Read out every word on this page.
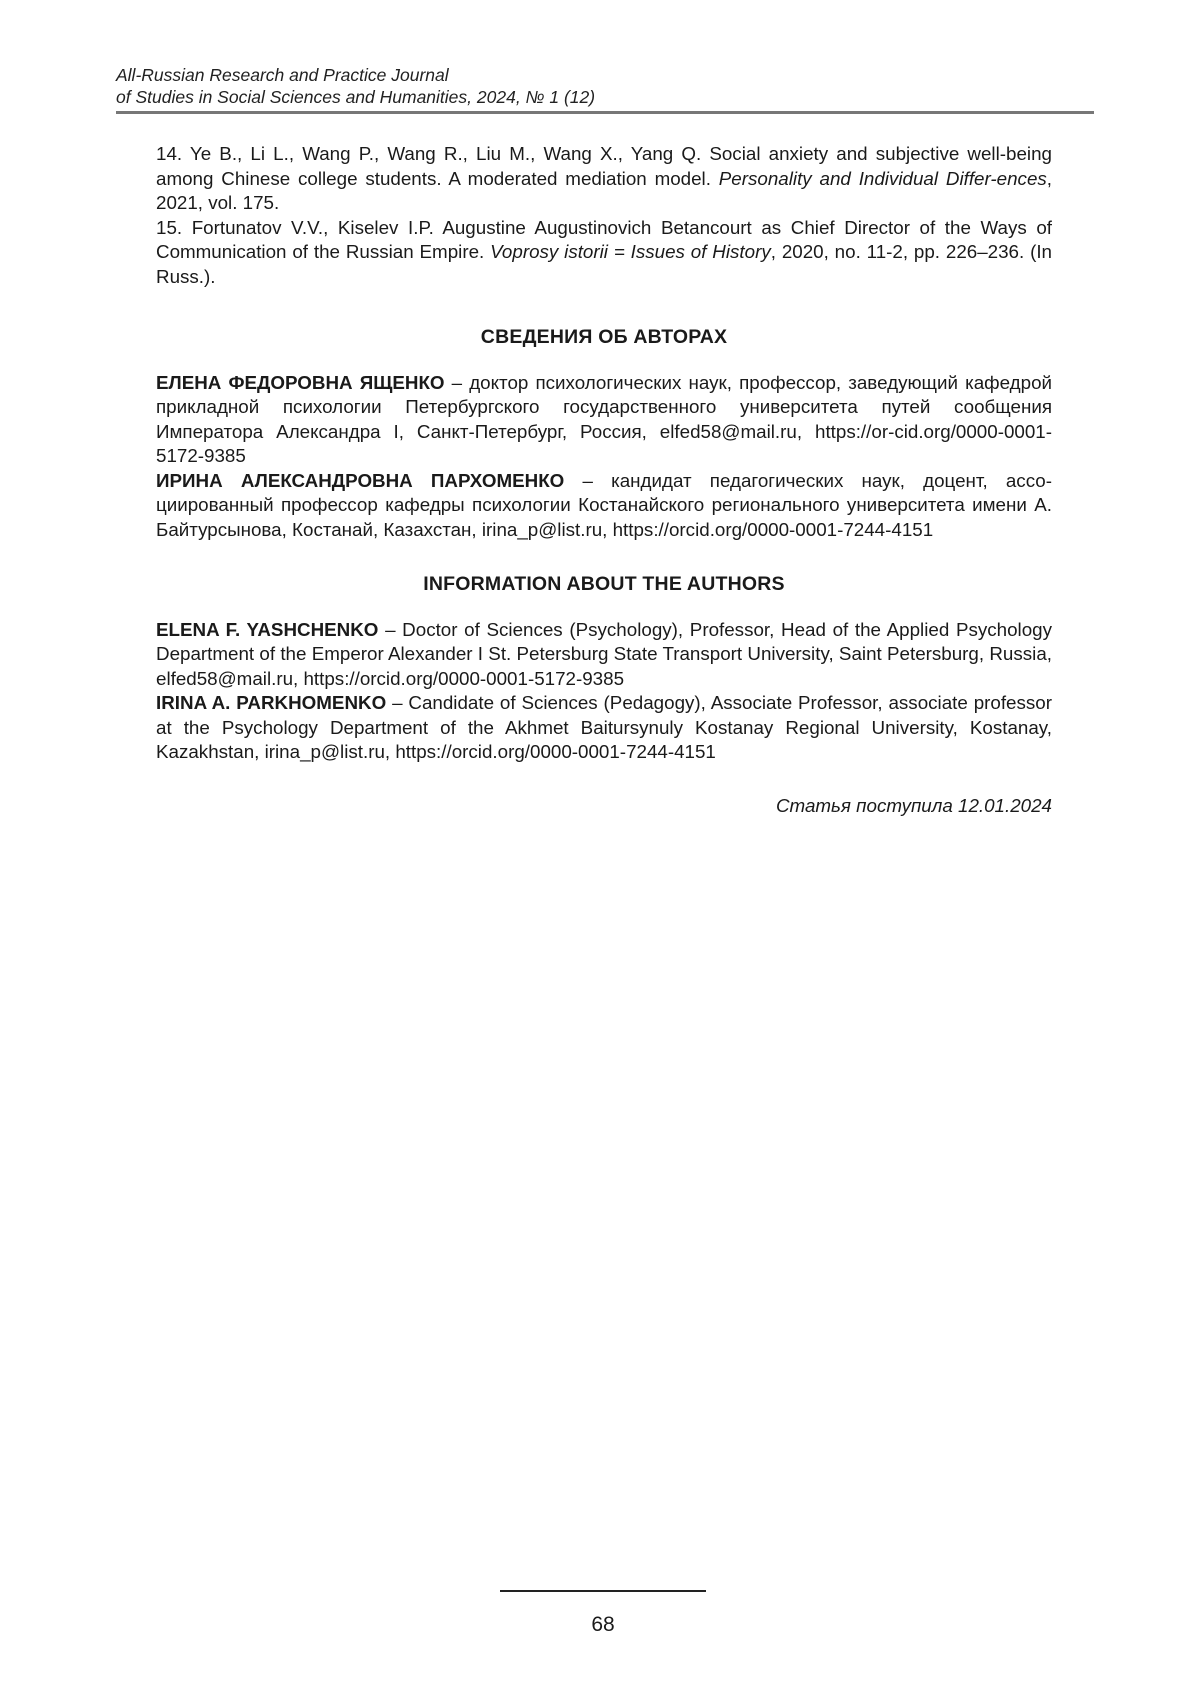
All-Russian Research and Practice Journal
of Studies in Social Sciences and Humanities, 2024, № 1 (12)

14. Ye B., Li L., Wang P., Wang R., Liu M., Wang X., Yang Q. Social anxiety and subjective well-being among Chinese college students. A moderated mediation model. Personality and Individual Differ-ences, 2021, vol. 175.

15. Fortunatov V.V., Kiselev I.P. Augustine Augustinovich Betancourt as Chief Director of the Ways of Communication of the Russian Empire. Voprosy istorii = Issues of History, 2020, no. 11-2, pp. 226–236. (In Russ.).

СВЕДЕНИЯ ОБ АВТОРАХ

ЕЛЕНА ФЕДОРОВНА ЯЩЕНКО – доктор психологических наук, профессор, заведующий кафедрой прикладной психологии Петербургского государственного университета путей сообщения Императора Александра I, Санкт-Петербург, Россия, elfed58@mail.ru, https://or-cid.org/0000-0001-5172-9385

ИРИНА АЛЕКСАНДРОВНА ПАРХОМЕНКО – кандидат педагогических наук, доцент, ассо-циированный профессор кафедры психологии Костанайского регионального университета имени А. Байтурсынова, Костанай, Казахстан, irina_p@list.ru, https://orcid.org/0000-0001-7244-4151

INFORMATION ABOUT THE AUTHORS

ELENA F. YASHCHENKO – Doctor of Sciences (Psychology), Professor, Head of the Applied Psychology Department of the Emperor Alexander I St. Petersburg State Transport University, Saint Petersburg, Russia, elfed58@mail.ru, https://orcid.org/0000-0001-5172-9385

IRINA A. PARKHOMENKO – Candidate of Sciences (Pedagogy), Associate Professor, associate professor at the Psychology Department of the Akhmet Baitursynuly Kostanay Regional University, Kostanay, Kazakhstan, irina_p@list.ru, https://orcid.org/0000-0001-7244-4151

Статья поступила 12.01.2024

68
